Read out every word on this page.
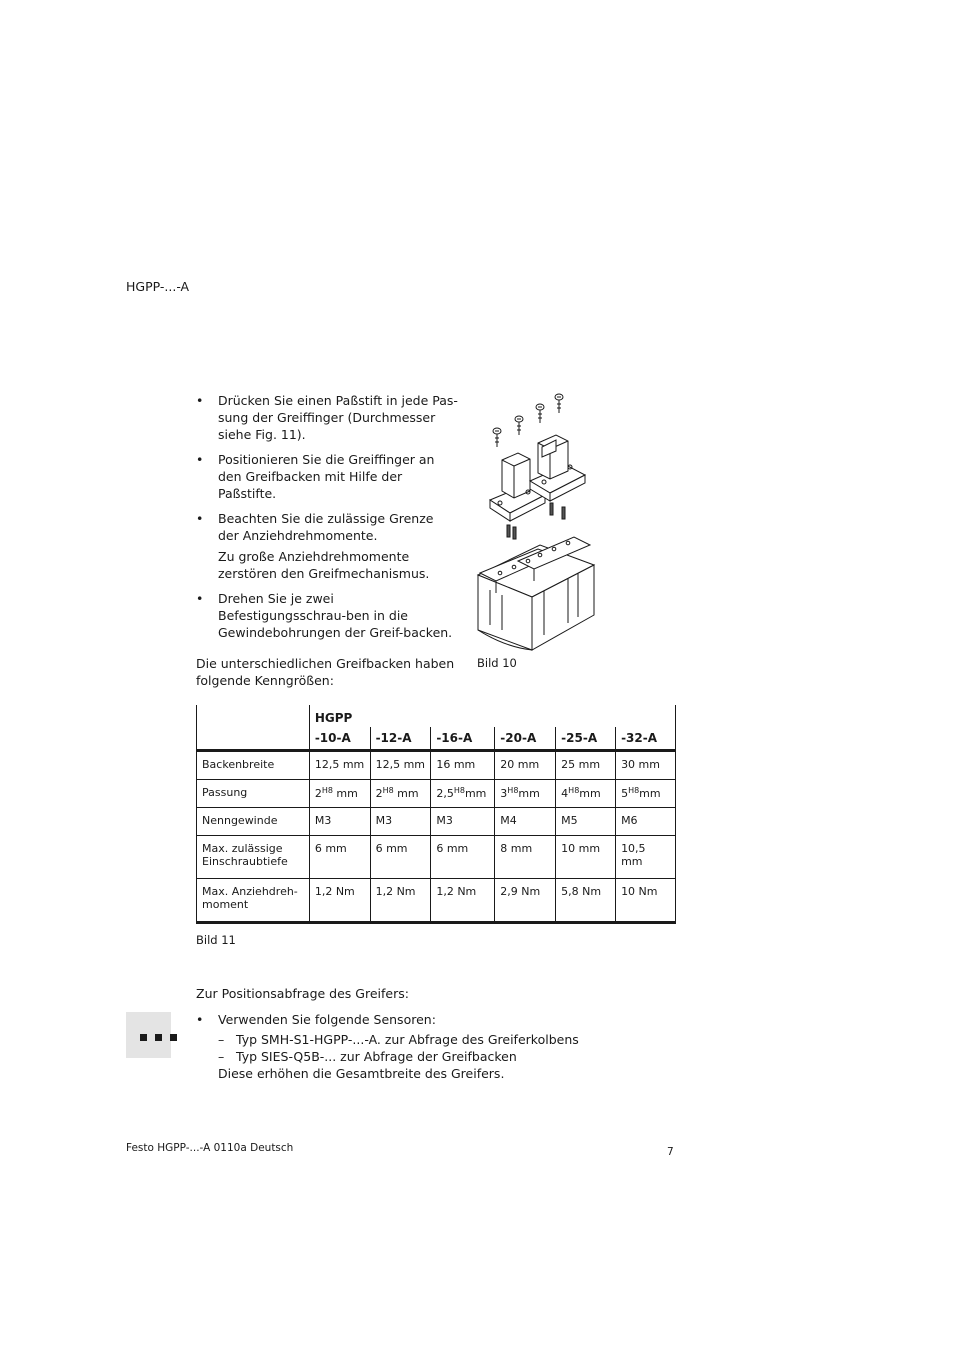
HGPP-...-A
• Drücken Sie einen Paßstift in jede Pas-sung der Greiffinger (Durchmesser siehe Fig. 11).
• Positionieren Sie die Greiffinger an den Greifbacken mit Hilfe der Paßstifte.
• Beachten Sie die zulässige Grenze der Anziehdrehmomente.
Zu große Anziehdrehmomente zerstören den Greifmechanismus.
• Drehen Sie je zwei Befestigungsschrau-ben in die Gewindebohrungen der Greif-backen.
Bild 10
Die unterschiedlichen Greifbacken haben folgende Kenngrößen:
	HGPP					
	-10-A	-12-A	-16-A	-20-A	-25-A	-32-A
Backenbreite	12,5 mm	12,5 mm	16 mm	20 mm	25 mm	30 mm
Passung	$2^{H8}$ mm	$2^{H8}$ mm	$2,5^{H8}mm$	$3^{H8}mm$	$4^{H8}mm$	$5^{H8}mm$
Nenngewinde	M3	M3	M3	M4	M5	M6
Max. zulässige Einschraubtiefe	6 mm	6 mm	6 mm	8 mm	10 mm	10,5 mm
Max. Anziehdreh-moment	1,2 Nm	1,2 Nm	1,2 Nm	2,9 Nm	5,8 Nm	10 Nm
Bild 11
Zur Positionsabfrage des Greifers:
• Verwenden Sie folgende Sensoren:
– Typ SMH-S1-HGPP-...-A. zur Abfrage des Greiferkolbens
– Typ SIES-Q5B-... zur Abfrage der Greifbacken
Diese erhöhen die Gesamtbreite des Greifers.
Festo HGPP-...-A 0110a Deutsch	7
